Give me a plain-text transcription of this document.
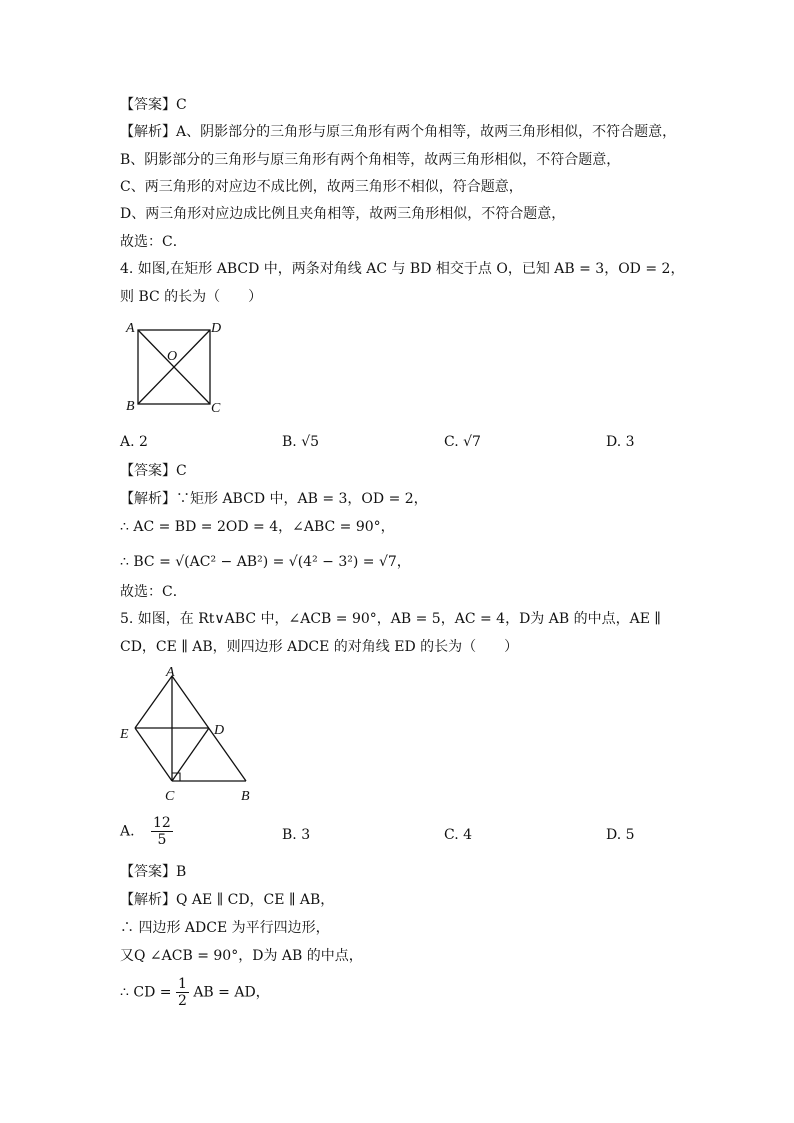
【答案】C
【解析】A、阴影部分的三角形与原三角形有两个角相等，故两三角形相似，不符合题意，
B、阴影部分的三角形与原三角形有两个角相等，故两三角形相似，不符合题意，
C、两三角形的对应边不成比例，故两三角形不相似，符合题意，
D、两三角形对应边成比例且夹角相等，故两三角形相似，不符合题意，
故选：C．
4. 如图,在矩形 ABCD 中，两条对角线 AC 与 BD 相交于点 O，已知 AB = 3，OD = 2，
则 BC 的长为（　　）
A	D
O
B	C
A. 2	B. √5	C. √7	D. 3
【答案】C
【解析】∵矩形 ABCD 中，AB = 3，OD = 2，
∴ AC = BD = 2OD = 4，∠ABC = 90°，
∴ BC = √(AC² − AB²) = √(4² − 3²) = √7，
故选：C．
5. 如图，在 Rt∨ABC 中，∠ACB = 90°，AB = 5，AC = 4，D为 AB 的中点，AE ∥
CD，CE ∥ AB，则四边形 ADCE 的对角线 ED 的长为（　　）
A
E	D
C	B
A. $\frac{12}{5}$	B. 3	C. 4	D. 5
【答案】B
【解析】Q AE ∥ CD，CE ∥ AB，
∴ 四边形 ADCE 为平行四边形，
又Q ∠ACB = 90°，D为 AB 的中点，
∴ CD = $\frac{1}{2}$ AB = AD，
